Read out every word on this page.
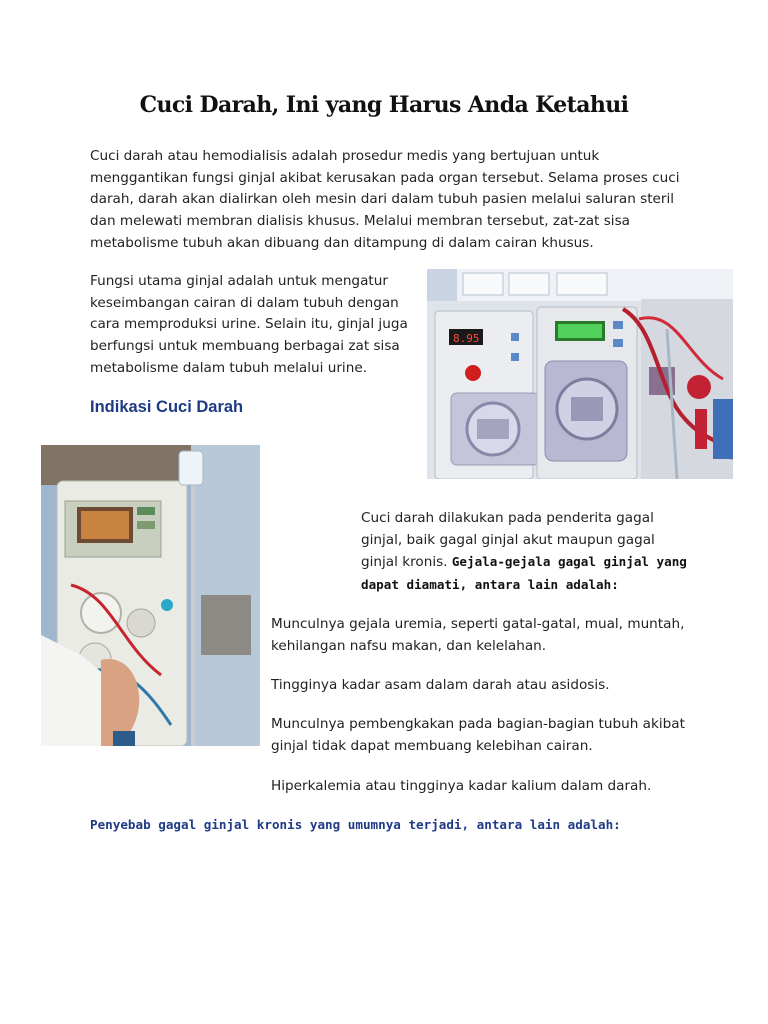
Cuci Darah, Ini yang Harus Anda Ketahui

Cuci darah atau hemodialisis adalah prosedur medis yang bertujuan untuk menggantikan fungsi ginjal akibat kerusakan pada organ tersebut. Selama proses cuci darah, darah akan dialirkan oleh mesin dari dalam tubuh pasien melalui saluran steril dan melewati membran dialisis khusus. Melalui membran tersebut, zat-zat sisa metabolisme tubuh akan dibuang dan ditampung di dalam cairan khusus.

Fungsi utama ginjal adalah untuk mengatur keseimbangan cairan di dalam tubuh dengan cara memproduksi urine. Selain itu, ginjal juga berfungsi untuk membuang berbagai zat sisa metabolisme dalam tubuh melalui urine.

Indikasi Cuci Darah
8.95

Cuci darah dilakukan pada penderita gagal ginjal, baik gagal ginjal akut maupun gagal ginjal kronis. Gejala-gejala gagal ginjal yang dapat diamati, antara lain adalah:

Munculnya gejala uremia, seperti gatal-gatal, mual, muntah, kehilangan nafsu makan, dan kelelahan.

Tingginya kadar asam dalam darah atau asidosis.

Munculnya pembengkakan pada bagian-bagian tubuh akibat ginjal tidak dapat membuang kelebihan cairan.

Hiperkalemia atau tingginya kadar kalium dalam darah.

Penyebab gagal ginjal kronis yang umumnya terjadi, antara lain adalah:
